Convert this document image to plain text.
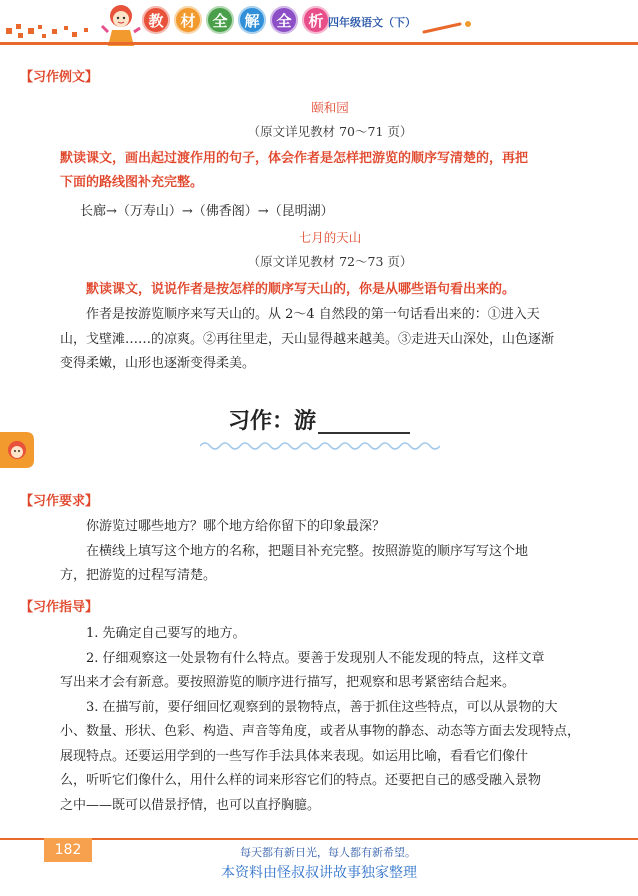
教	材	全	解	全	析 四年级语文（下）
【习作例文】
颐和园
（原文详见教材 70～71 页）
默读课文，画出起过渡作用的句子，体会作者是怎样把游览的顺序写清楚的，再把
下面的路线图补充完整。
长廊→（万寿山）→（佛香阁）→（昆明湖）
七月的天山
（原文详见教材 72～73 页）
默读课文，说说作者是按怎样的顺序写天山的，你是从哪些语句看出来的。
作者是按游览顺序来写天山的。从 2～4 自然段的第一句话看出来的：①进入天
山，戈壁滩……的凉爽。②再往里走，天山显得越来越美。③走进天山深处，山色逐渐
变得柔嫩，山形也逐渐变得柔美。
习作：游
【习作要求】
你游览过哪些地方？哪个地方给你留下的印象最深？
在横线上填写这个地方的名称，把题目补充完整。按照游览的顺序写写这个地
方，把游览的过程写清楚。
【习作指导】
1. 先确定自己要写的地方。
2. 仔细观察这一处景物有什么特点。要善于发现别人不能发现的特点，这样文章
写出来才会有新意。要按照游览的顺序进行描写，把观察和思考紧密结合起来。
3. 在描写前，要仔细回忆观察到的景物特点，善于抓住这些特点，可以从景物的大
小、数量、形状、色彩、构造、声音等角度，或者从事物的静态、动态等方面去发现特点，
展现特点。还要运用学到的一些写作手法具体来表现。如运用比喻，看看它们像什
么，听听它们像什么，用什么样的词来形容它们的特点。还要把自己的感受融入景物
之中——既可以借景抒情，也可以直抒胸臆。
182	每天都有新日光，每人都有新希望。
本资料由怪叔叔讲故事独家整理
